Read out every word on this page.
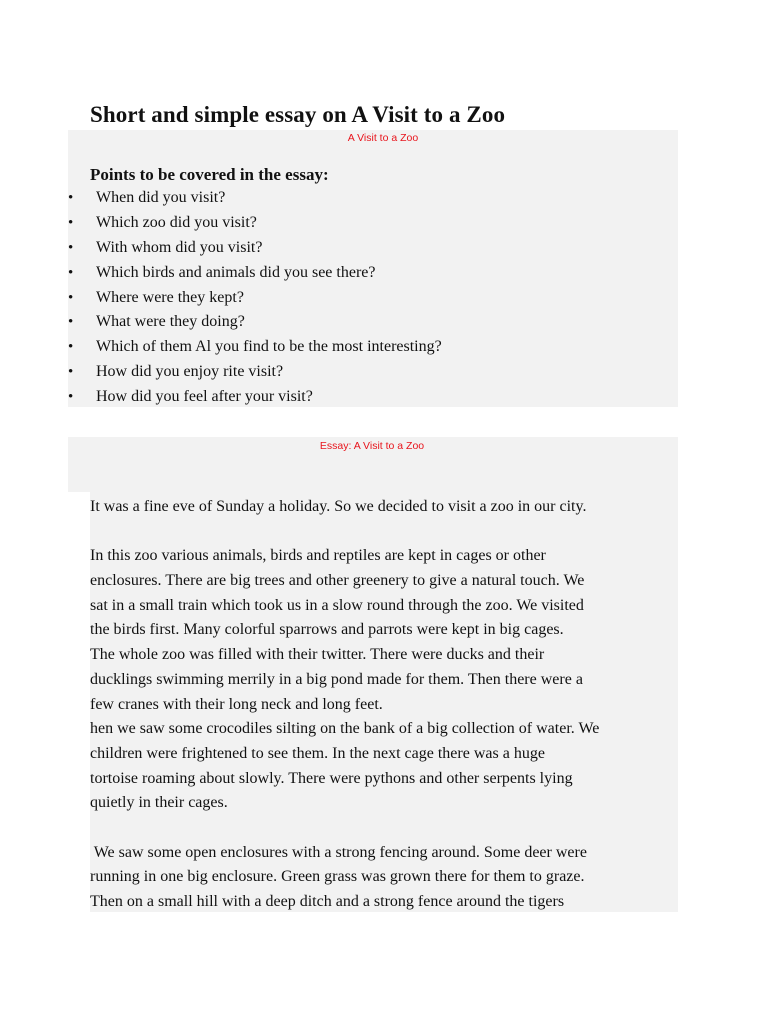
Short and simple essay on A Visit to a Zoo
A Visit to a Zoo
Points to be covered in the essay:
•	When did you visit?
•	Which zoo did you visit?
•	With whom did you visit?
•	Which birds and animals did you see there?
•	Where were they kept?
•	What were they doing?
•	Which of them Al you find to be the most interesting?
•	How did you enjoy rite visit?
•	How did you feel after your visit?
Essay: A Visit to a Zoo
It was a fine eve of Sunday a holiday. So we decided to visit a zoo in our city.
In this zoo various animals, birds and reptiles are kept in cages or other
enclosures. There are big trees and other greenery to give a natural touch. We
sat in a small train which took us in a slow round through the zoo. We visited
the birds first. Many colorful sparrows and parrots were kept in big cages.
The whole zoo was filled with their twitter. There were ducks and their
ducklings swimming merrily in a big pond made for them. Then there were a
few cranes with their long neck and long feet.
hen we saw some crocodiles silting on the bank of a big collection of water. We
children were frightened to see them. In the next cage there was a huge
tortoise roaming about slowly. There were pythons and other serpents lying
quietly in their cages.
We saw some open enclosures with a strong fencing around. Some deer were
running in one big enclosure. Green grass was grown there for them to graze.
Then on a small hill with a deep ditch and a strong fence around the tigers
